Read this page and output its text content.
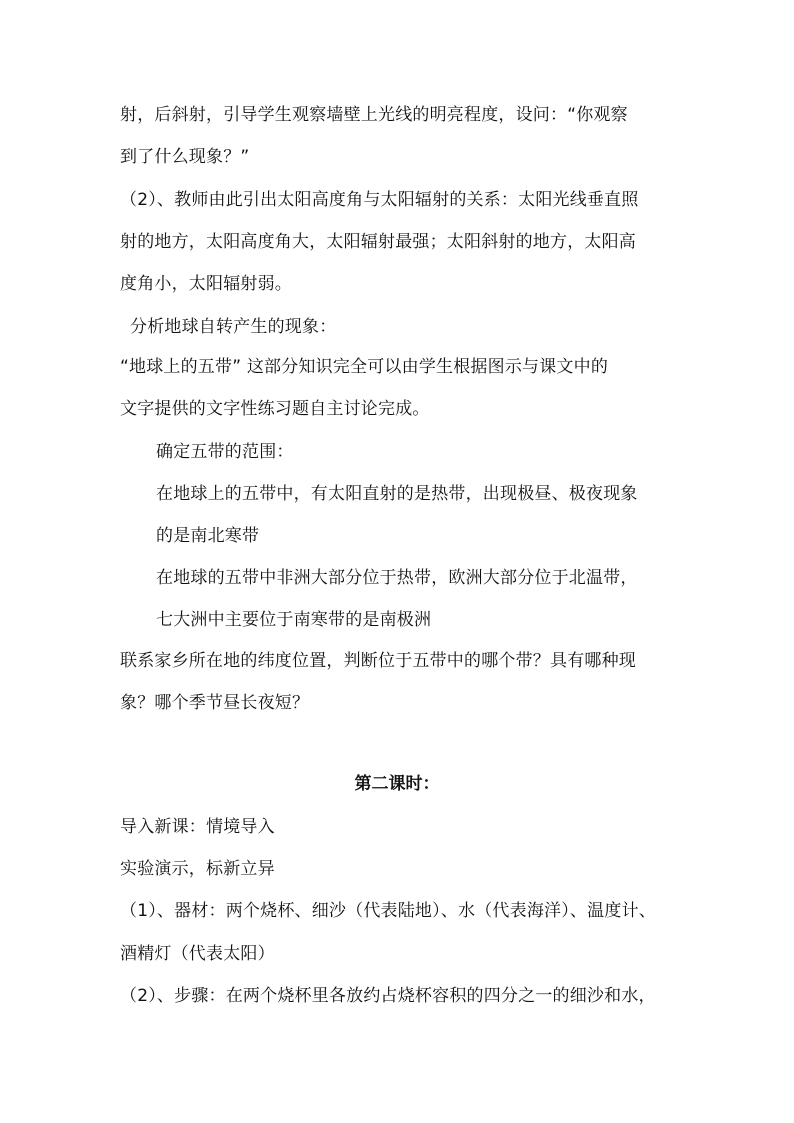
射，后斜射，引导学生观察墙壁上光线的明亮程度，设问：“你观察
到了什么现象？”
（2）、教师由此引出太阳高度角与太阳辐射的关系：太阳光线垂直照
射的地方，太阳高度角大，太阳辐射最强；太阳斜射的地方，太阳高
度角小，太阳辐射弱。
分析地球自转产生的现象：
“地球上的五带” 这部分知识完全可以由学生根据图示与课文中的
文字提供的文字性练习题自主讨论完成。
确定五带的范围：
在地球上的五带中，有太阳直射的是热带，出现极昼、极夜现象
的是南北寒带
在地球的五带中非洲大部分位于热带，欧洲大部分位于北温带，
七大洲中主要位于南寒带的是南极洲
联系家乡所在地的纬度位置，判断位于五带中的哪个带？具有哪种现
象？哪个季节昼长夜短？
第二课时：
导入新课：情境导入
实验演示，标新立异
（1）、器材：两个烧杯、细沙（代表陆地）、水（代表海洋）、温度计、
酒精灯（代表太阳）
（2）、步骤：在两个烧杯里各放约占烧杯容积的四分之一的细沙和水，
